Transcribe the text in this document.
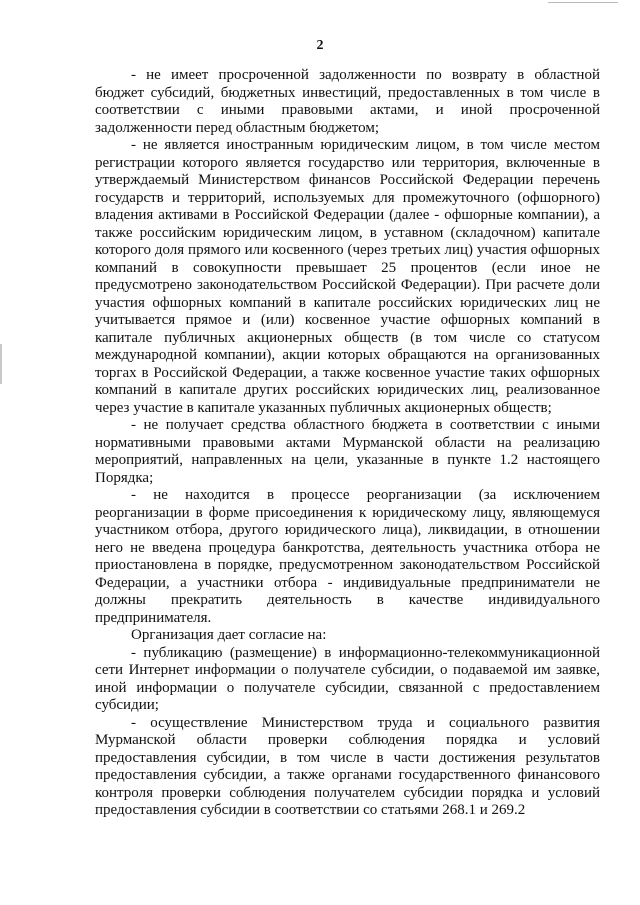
2

- не имеет просроченной задолженности по возврату в областной бюджет субсидий, бюджетных инвестиций, предоставленных в том числе в соответствии с иными правовыми актами, и иной просроченной задолженности перед областным бюджетом;

- не является иностранным юридическим лицом, в том числе местом регистрации которого является государство или территория, включенные в утверждаемый Министерством финансов Российской Федерации перечень государств и территорий, используемых для промежуточного (офшорного) владения активами в Российской Федерации (далее - офшорные компании), а также российским юридическим лицом, в уставном (складочном) капитале которого доля прямого или косвенного (через третьих лиц) участия офшорных компаний в совокупности превышает 25 процентов (если иное не предусмотрено законодательством Российской Федерации). При расчете доли участия офшорных компаний в капитале российских юридических лиц не учитывается прямое и (или) косвенное участие офшорных компаний в капитале публичных акционерных обществ (в том числе со статусом международной компании), акции которых обращаются на организованных торгах в Российской Федерации, а также косвенное участие таких офшорных компаний в капитале других российских юридических лиц, реализованное через участие в капитале указанных публичных акционерных обществ;

- не получает средства областного бюджета в соответствии с иными нормативными правовыми актами Мурманской области на реализацию мероприятий, направленных на цели, указанные в пункте 1.2 настоящего Порядка;

- не находится в процессе реорганизации (за исключением реорганизации в форме присоединения к юридическому лицу, являющемуся участником отбора, другого юридического лица), ликвидации, в отношении него не введена процедура банкротства, деятельность участника отбора не приостановлена в порядке, предусмотренном законодательством Российской Федерации, а участники отбора - индивидуальные предприниматели не должны прекратить деятельность в качестве индивидуального предпринимателя.

Организация дает согласие на:

- публикацию (размещение) в информационно-телекоммуникационной сети Интернет информации о получателе субсидии, о подаваемой им заявке, иной информации о получателе субсидии, связанной с предоставлением субсидии;

- осуществление Министерством труда и социального развития Мурманской области проверки соблюдения порядка и условий предоставления субсидии, в том числе в части достижения результатов предоставления субсидии, а также органами государственного финансового контроля проверки соблюдения получателем субсидии порядка и условий предоставления субсидии в соответствии со статьями 268.1 и 269.2
